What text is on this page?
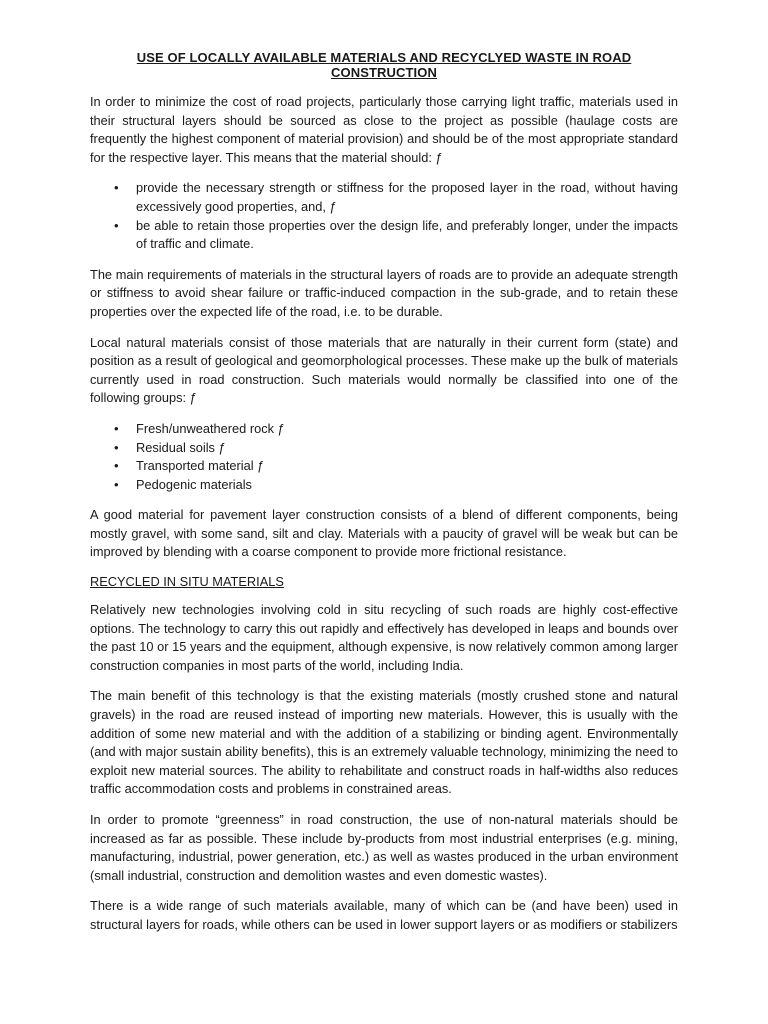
USE OF LOCALLY AVAILABLE MATERIALS AND RECYCLYED WASTE IN ROAD CONSTRUCTION

In order to minimize the cost of road projects, particularly those carrying light traffic, materials used in their structural layers should be sourced as close to the project as possible (haulage costs are frequently the highest component of material provision) and should be of the most appropriate standard for the respective layer. This means that the material should: ƒ

• provide the necessary strength or stiffness for the proposed layer in the road, without having excessively good properties, and, ƒ
• be able to retain those properties over the design life, and preferably longer, under the impacts of traffic and climate.

The main requirements of materials in the structural layers of roads are to provide an adequate strength or stiffness to avoid shear failure or traffic-induced compaction in the sub-grade, and to retain these properties over the expected life of the road, i.e. to be durable.

Local natural materials consist of those materials that are naturally in their current form (state) and position as a result of geological and geomorphological processes. These make up the bulk of materials currently used in road construction. Such materials would normally be classified into one of the following groups: ƒ

• Fresh/unweathered rock ƒ
• Residual soils ƒ
• Transported material ƒ
• Pedogenic materials

A good material for pavement layer construction consists of a blend of different components, being mostly gravel, with some sand, silt and clay. Materials with a paucity of gravel will be weak but can be improved by blending with a coarse component to provide more frictional resistance.

RECYCLED IN SITU MATERIALS

Relatively new technologies involving cold in situ recycling of such roads are highly cost-effective options. The technology to carry this out rapidly and effectively has developed in leaps and bounds over the past 10 or 15 years and the equipment, although expensive, is now relatively common among larger construction companies in most parts of the world, including India.

The main benefit of this technology is that the existing materials (mostly crushed stone and natural gravels) in the road are reused instead of importing new materials. However, this is usually with the addition of some new material and with the addition of a stabilizing or binding agent. Environmentally (and with major sustain ability benefits), this is an extremely valuable technology, minimizing the need to exploit new material sources. The ability to rehabilitate and construct roads in half-widths also reduces traffic accommodation costs and problems in constrained areas.

In order to promote “greenness” in road construction, the use of non-natural materials should be increased as far as possible. These include by-products from most industrial enterprises (e.g. mining, manufacturing, industrial, power generation, etc.) as well as wastes produced in the urban environment (small industrial, construction and demolition wastes and even domestic wastes).

There is a wide range of such materials available, many of which can be (and have been) used in structural layers for roads, while others can be used in lower support layers or as modifiers or stabilizers
